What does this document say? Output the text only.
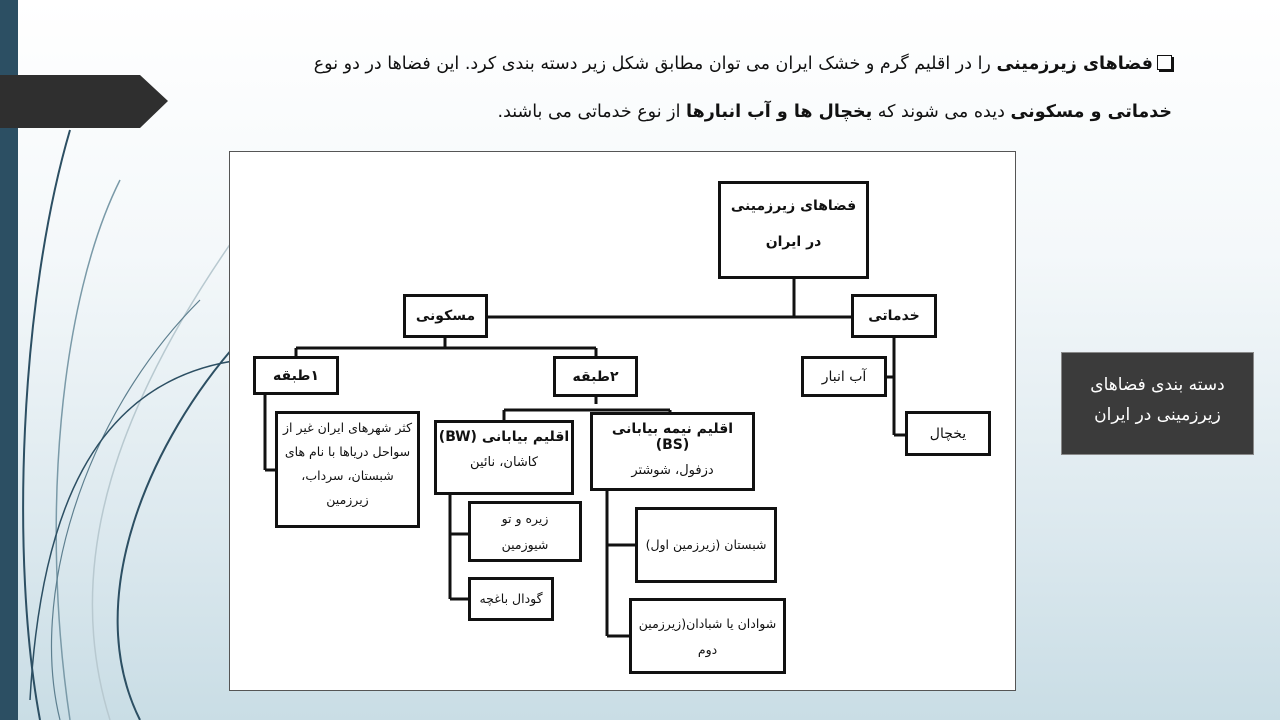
فضاهای زیرزمینی را در اقلیم گرم و خشک ایران می توان مطابق شکل زیر دسته بندی کرد. این فضاها در دو نوع خدماتی و مسکونی دیده می شوند که یخچال ها و آب انبارها از نوع خدماتی می باشند.
فضاهای زیرزمینی
در ایران
خدماتی
مسکونی
آب انبار
یخچال
۱طبقه	۲طبقه
کثر شهرهای ایران غیر از سواحل دریاها با نام های شبستان، سرداب، زیرزمین
اقلیم بیابانی (BW)
کاشان، نائین
اقلیم نیمه بیابانی (BS)
دزفول، شوشتر
زیره و تو
شیوزمین
گودال باغچه
شبستان (زیرزمین اول)
شوادان یا شبادان(زیرزمین
دوم
دسته بندی فضاهای
زیرزمینی در ایران
